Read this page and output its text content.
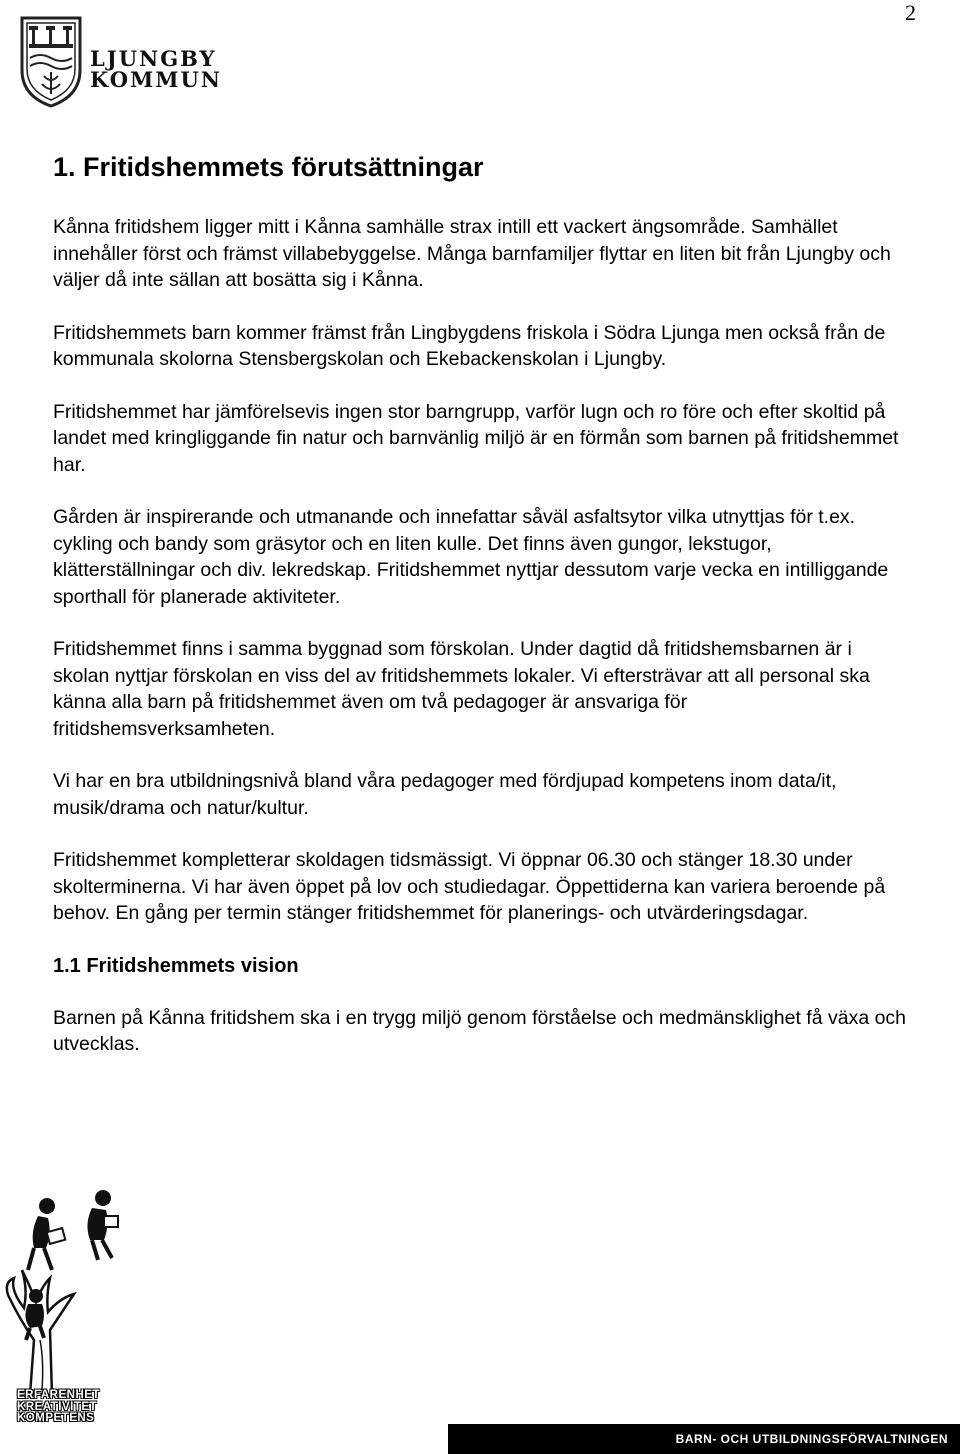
2
LJUNGBY
KOMMUN
1. Fritidshemmets förutsättningar

Kånna fritidshem ligger mitt i Kånna samhälle strax intill ett vackert ängsområde. Samhället innehåller först och främst villabebyggelse. Många barnfamiljer flyttar en liten bit från Ljungby och väljer då inte sällan att bosätta sig i Kånna.

Fritidshemmets barn kommer främst från Lingbygdens friskola i Södra Ljunga men också från de kommunala skolorna Stensbergskolan och Ekebackenskolan i Ljungby.

Fritidshemmet har jämförelsevis ingen stor barngrupp, varför lugn och ro före och efter skoltid på landet med kringliggande fin natur och barnvänlig miljö är en förmån som barnen på fritidshemmet har.

Gården är inspirerande och utmanande och innefattar såväl asfaltsytor vilka utnyttjas för t.ex. cykling och bandy som gräsytor och en liten kulle. Det finns även gungor, lekstugor, klätterställningar och div. lekredskap. Fritidshemmet nyttjar dessutom varje vecka en intilliggande sporthall för planerade aktiviteter.

Fritidshemmet finns i samma byggnad som förskolan. Under dagtid då fritidshemsbarnen är i skolan nyttjar förskolan en viss del av fritidshemmets lokaler. Vi eftersträvar att all personal ska känna alla barn på fritidshemmet även om två pedagoger är ansvariga för fritidshemsverksamheten.

Vi har en bra utbildningsnivå bland våra pedagoger med fördjupad kompetens inom data/it, musik/drama och natur/kultur.

Fritidshemmet kompletterar skoldagen tidsmässigt. Vi öppnar 06.30 och stänger 18.30 under skolterminerna. Vi har även öppet på lov och studiedagar. Öppettiderna kan variera beroende på behov. En gång per termin stänger fritidshemmet för planerings- och utvärderingsdagar.

1.1 Fritidshemmets vision

Barnen på Kånna fritidshem ska i en trygg miljö genom förståelse och medmänsklighet få växa och utvecklas.

ERFARENHET
KREATIVITET
KOMPETENS
BARN- OCH UTBILDNINGSFÖRVALTNINGEN
